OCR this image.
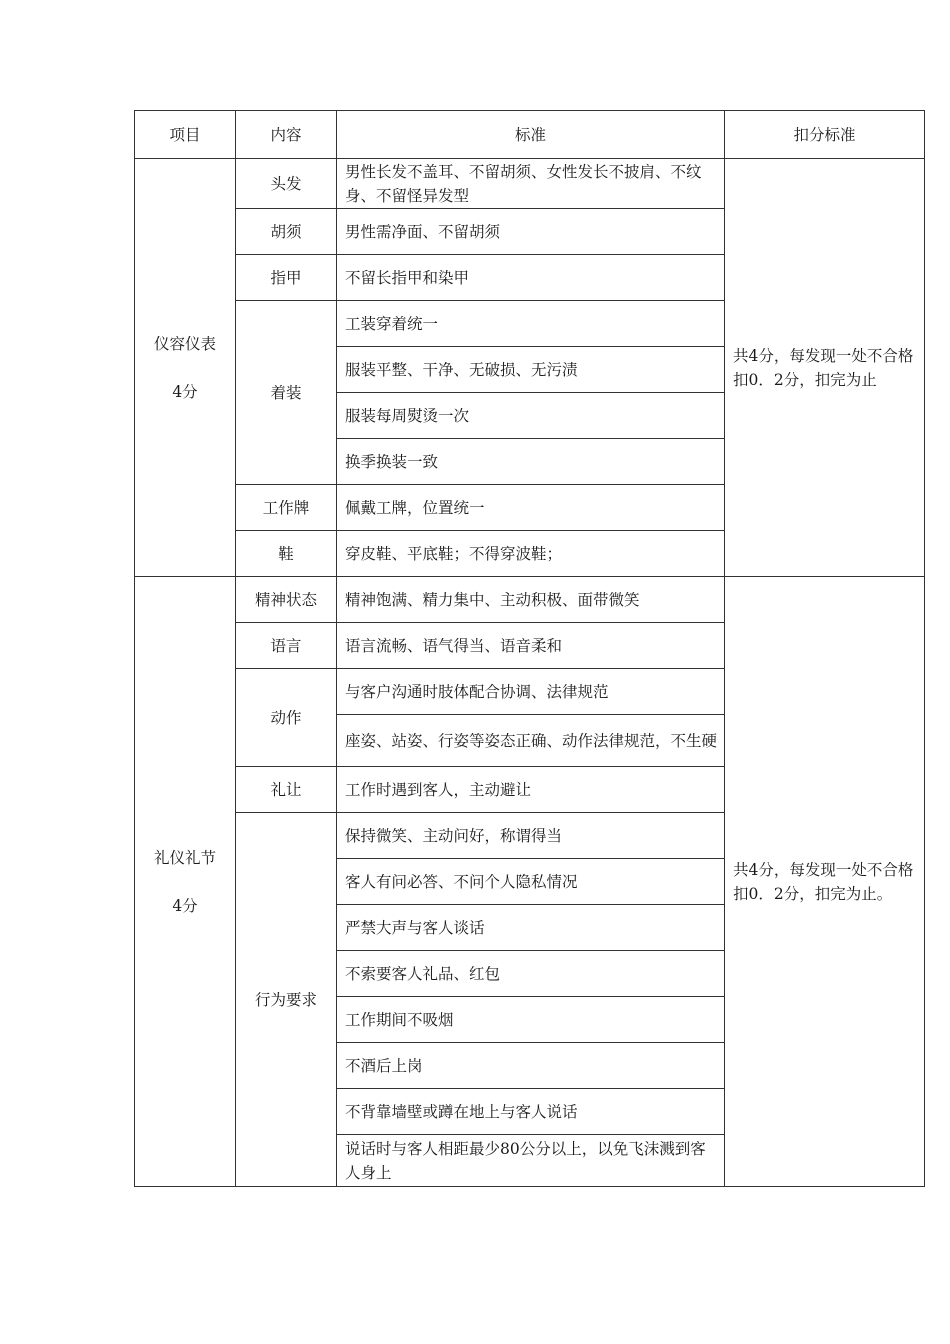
项目	内容	标准	扣分标准
仪容仪表
4分	头发	男性长发不盖耳、不留胡须、女性发长不披肩、不纹身、不留怪异发型	共4分，每发现一处不合格扣0．2分，扣完为止
	胡须	男性需净面、不留胡须	
	指甲	不留长指甲和染甲	
	着装	工装穿着统一	
		服装平整、干净、无破损、无污渍	
		服装每周熨烫一次	
		换季换装一致	
	工作牌	佩戴工牌，位置统一	
	鞋	穿皮鞋、平底鞋；不得穿波鞋；	
礼仪礼节
4分	精神状态	精神饱满、精力集中、主动积极、面带微笑	共4分，每发现一处不合格扣0．2分，扣完为止。
	语言	语言流畅、语气得当、语音柔和	
	动作	与客户沟通时肢体配合协调、法律规范	
		座姿、站姿、行姿等姿态正确、动作法律规范，不生硬	
	礼让	工作时遇到客人，主动避让	
	行为要求	保持微笑、主动问好，称谓得当	
		客人有问必答、不问个人隐私情况	
		严禁大声与客人谈话	
		不索要客人礼品、红包	
		工作期间不吸烟	
		不酒后上岗	
		不背靠墙壁或蹲在地上与客人说话	
		说话时与客人相距最少80公分以上，以免飞沫溅到客人身上	
